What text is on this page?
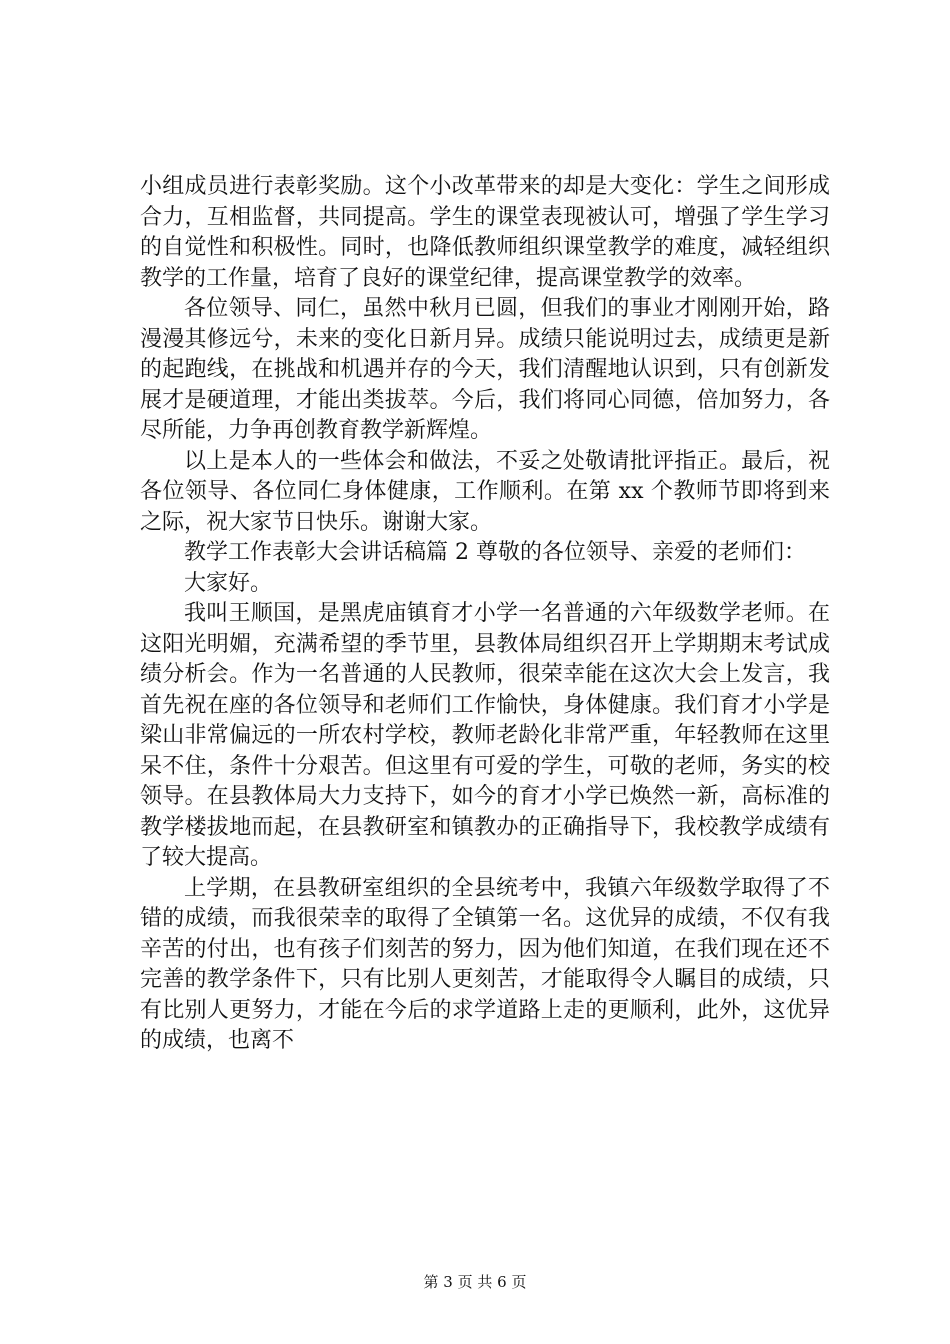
小组成员进行表彰奖励。这个小改革带来的却是大变化：学生之间形成合力，互相监督，共同提高。学生的课堂表现被认可，增强了学生学习的自觉性和积极性。同时，也降低教师组织课堂教学的难度，减轻组织教学的工作量，培育了良好的课堂纪律，提高课堂教学的效率。

各位领导、同仁，虽然中秋月已圆，但我们的事业才刚刚开始，路漫漫其修远兮，未来的变化日新月异。成绩只能说明过去，成绩更是新的起跑线，在挑战和机遇并存的今天，我们清醒地认识到，只有创新发展才是硬道理，才能出类拔萃。今后，我们将同心同德，倍加努力，各尽所能，力争再创教育教学新辉煌。

以上是本人的一些体会和做法，不妥之处敬请批评指正。最后，祝各位领导、各位同仁身体健康，工作顺利。在第 xx 个教师节即将到来之际，祝大家节日快乐。谢谢大家。

教学工作表彰大会讲话稿篇 2 尊敬的各位领导、亲爱的老师们：

大家好。

我叫王顺国，是黑虎庙镇育才小学一名普通的六年级数学老师。在这阳光明媚，充满希望的季节里，县教体局组织召开上学期期末考试成绩分析会。作为一名普通的人民教师，很荣幸能在这次大会上发言，我首先祝在座的各位领导和老师们工作愉快，身体健康。我们育才小学是梁山非常偏远的一所农村学校，教师老龄化非常严重，年轻教师在这里呆不住，条件十分艰苦。但这里有可爱的学生，可敬的老师，务实的校领导。在县教体局大力支持下，如今的育才小学已焕然一新，高标准的教学楼拔地而起，在县教研室和镇教办的正确指导下，我校教学成绩有了较大提高。

上学期，在县教研室组织的全县统考中，我镇六年级数学取得了不错的成绩，而我很荣幸的取得了全镇第一名。这优异的成绩，不仅有我辛苦的付出，也有孩子们刻苦的努力，因为他们知道，在我们现在还不完善的教学条件下，只有比别人更刻苦，才能取得令人瞩目的成绩，只有比别人更努力，才能在今后的求学道路上走的更顺利，此外，这优异的成绩，也离不

第 3 页 共 6 页
